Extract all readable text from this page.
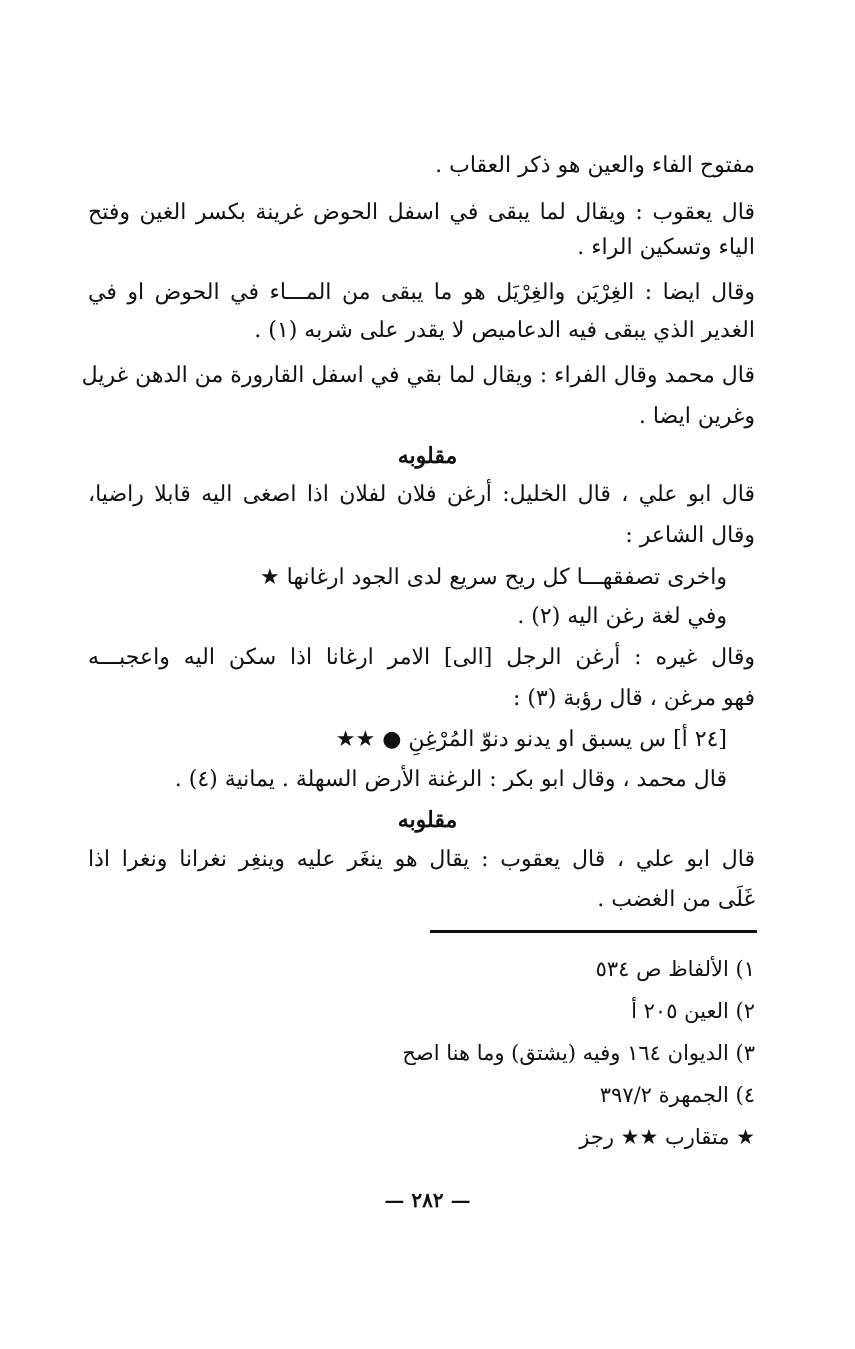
مفتوح الفاء والعين هو ذكر العقاب .
قال يعقوب : ويقال لما يبقى في اسفل الحوض غرينة بكسر الغين وفتح
الياء وتسكين الراء .
وقال ايضا : الغِرْيَن والغِرْيَل هو ما يبقى من المـــاء في الحوض او في
الغدير الذي يبقى فيه الدعاميص لا يقدر على شربه (١) .
قال محمد وقال الفراء : ويقال لما بقي في اسفل القارورة من الدهن غريل
وغرين ايضا .
مقلوبه
قال ابو علي ، قال الخليل: أرغن فلان لفلان اذا اصغى اليه قابلا راضيا،
وقال الشاعر :
واخرى تصفقهـــا كل ريح سريع لدى الجود ارغانها ★
وفي لغة رغن اليه (٢) .
وقال غيره : أرغن الرجل [الى] الامر ارغانا اذا سكن اليه واعجبـــه
فهو مرغن ، قال رؤبة (٣) :
[٢٤ أ] س يسبق او يدنو دنوّ المُرْغِنِ ● ★★
قال محمد ، وقال ابو بكر : الرغنة الأرض السهلة . يمانية (٤) .
مقلوبه
قال ابو علي ، قال يعقوب : يقال هو ينغَر عليه وينغِر نغرانا ونغرا اذا
غَلَى من الغضب .
١) الألفاظ ص ٥٣٤
٢) العين ٢٠٥ أ
٣) الديوان ١٦٤ وفيه (يشتق) وما هنا اصح
٤) الجمهرة ٣٩٧/٢
★ متقارب ★★ رجز
— ٢٨٢ —
